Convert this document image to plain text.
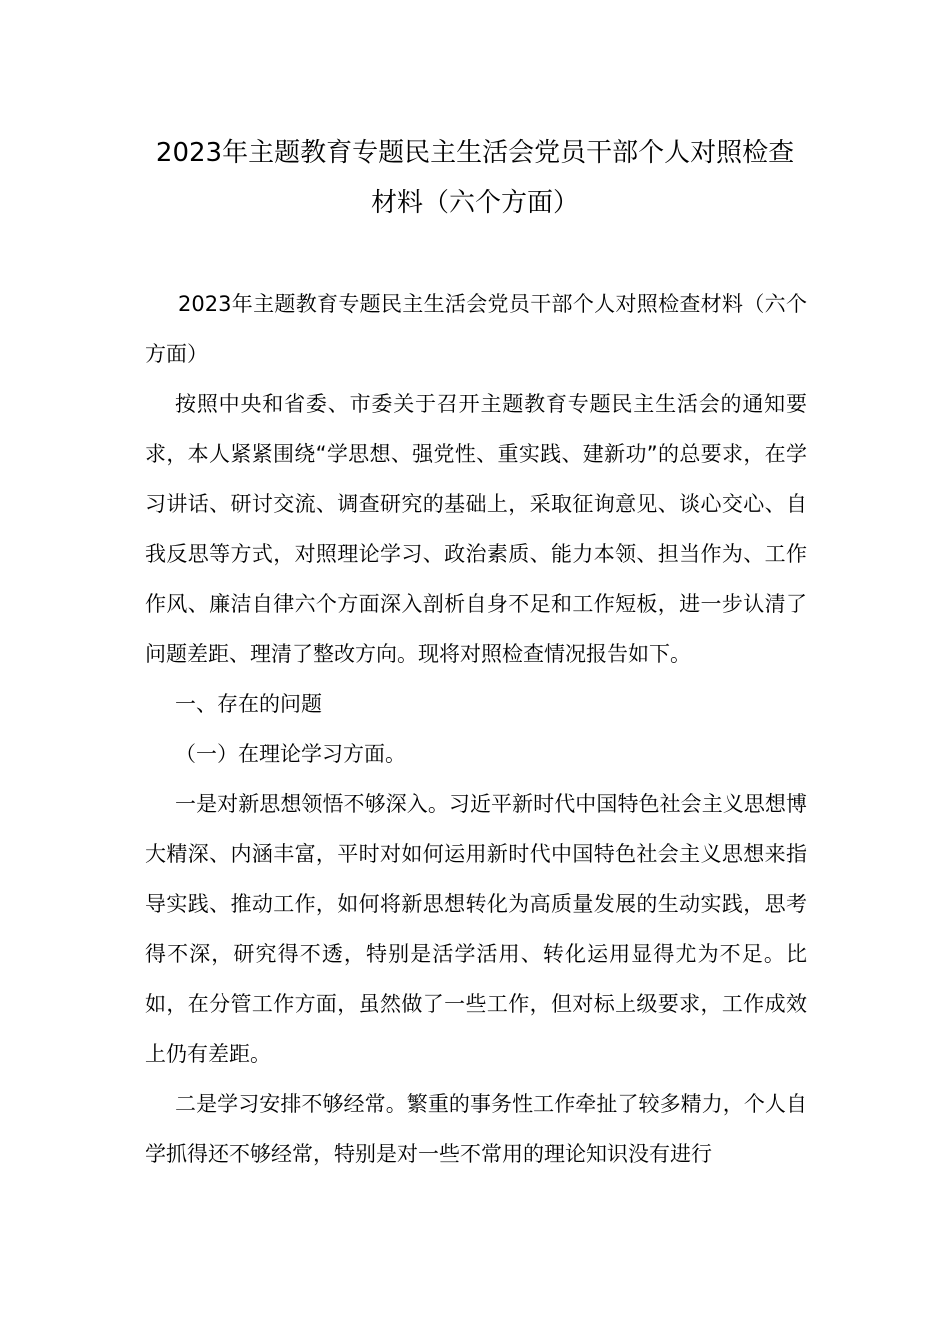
2023年主题教育专题民主生活会党员干部个人对照检查材料（六个方面）

2023年主题教育专题民主生活会党员干部个人对照检查材料（六个方面）

按照中央和省委、市委关于召开主题教育专题民主生活会的通知要求，本人紧紧围绕“学思想、强党性、重实践、建新功”的总要求，在学习讲话、研讨交流、调查研究的基础上，采取征询意见、谈心交心、自我反思等方式，对照理论学习、政治素质、能力本领、担当作为、工作作风、廉洁自律六个方面深入剖析自身不足和工作短板，进一步认清了问题差距、理清了整改方向。现将对照检查情况报告如下。

一、存在的问题

（一）在理论学习方面。

一是对新思想领悟不够深入。习近平新时代中国特色社会主义思想博大精深、内涵丰富，平时对如何运用新时代中国特色社会主义思想来指导实践、推动工作，如何将新思想转化为高质量发展的生动实践，思考得不深，研究得不透，特别是活学活用、转化运用显得尤为不足。比如，在分管工作方面，虽然做了一些工作，但对标上级要求，工作成效上仍有差距。

二是学习安排不够经常。繁重的事务性工作牵扯了较多精力，个人自学抓得还不够经常，特别是对一些不常用的理论知识没有进行
